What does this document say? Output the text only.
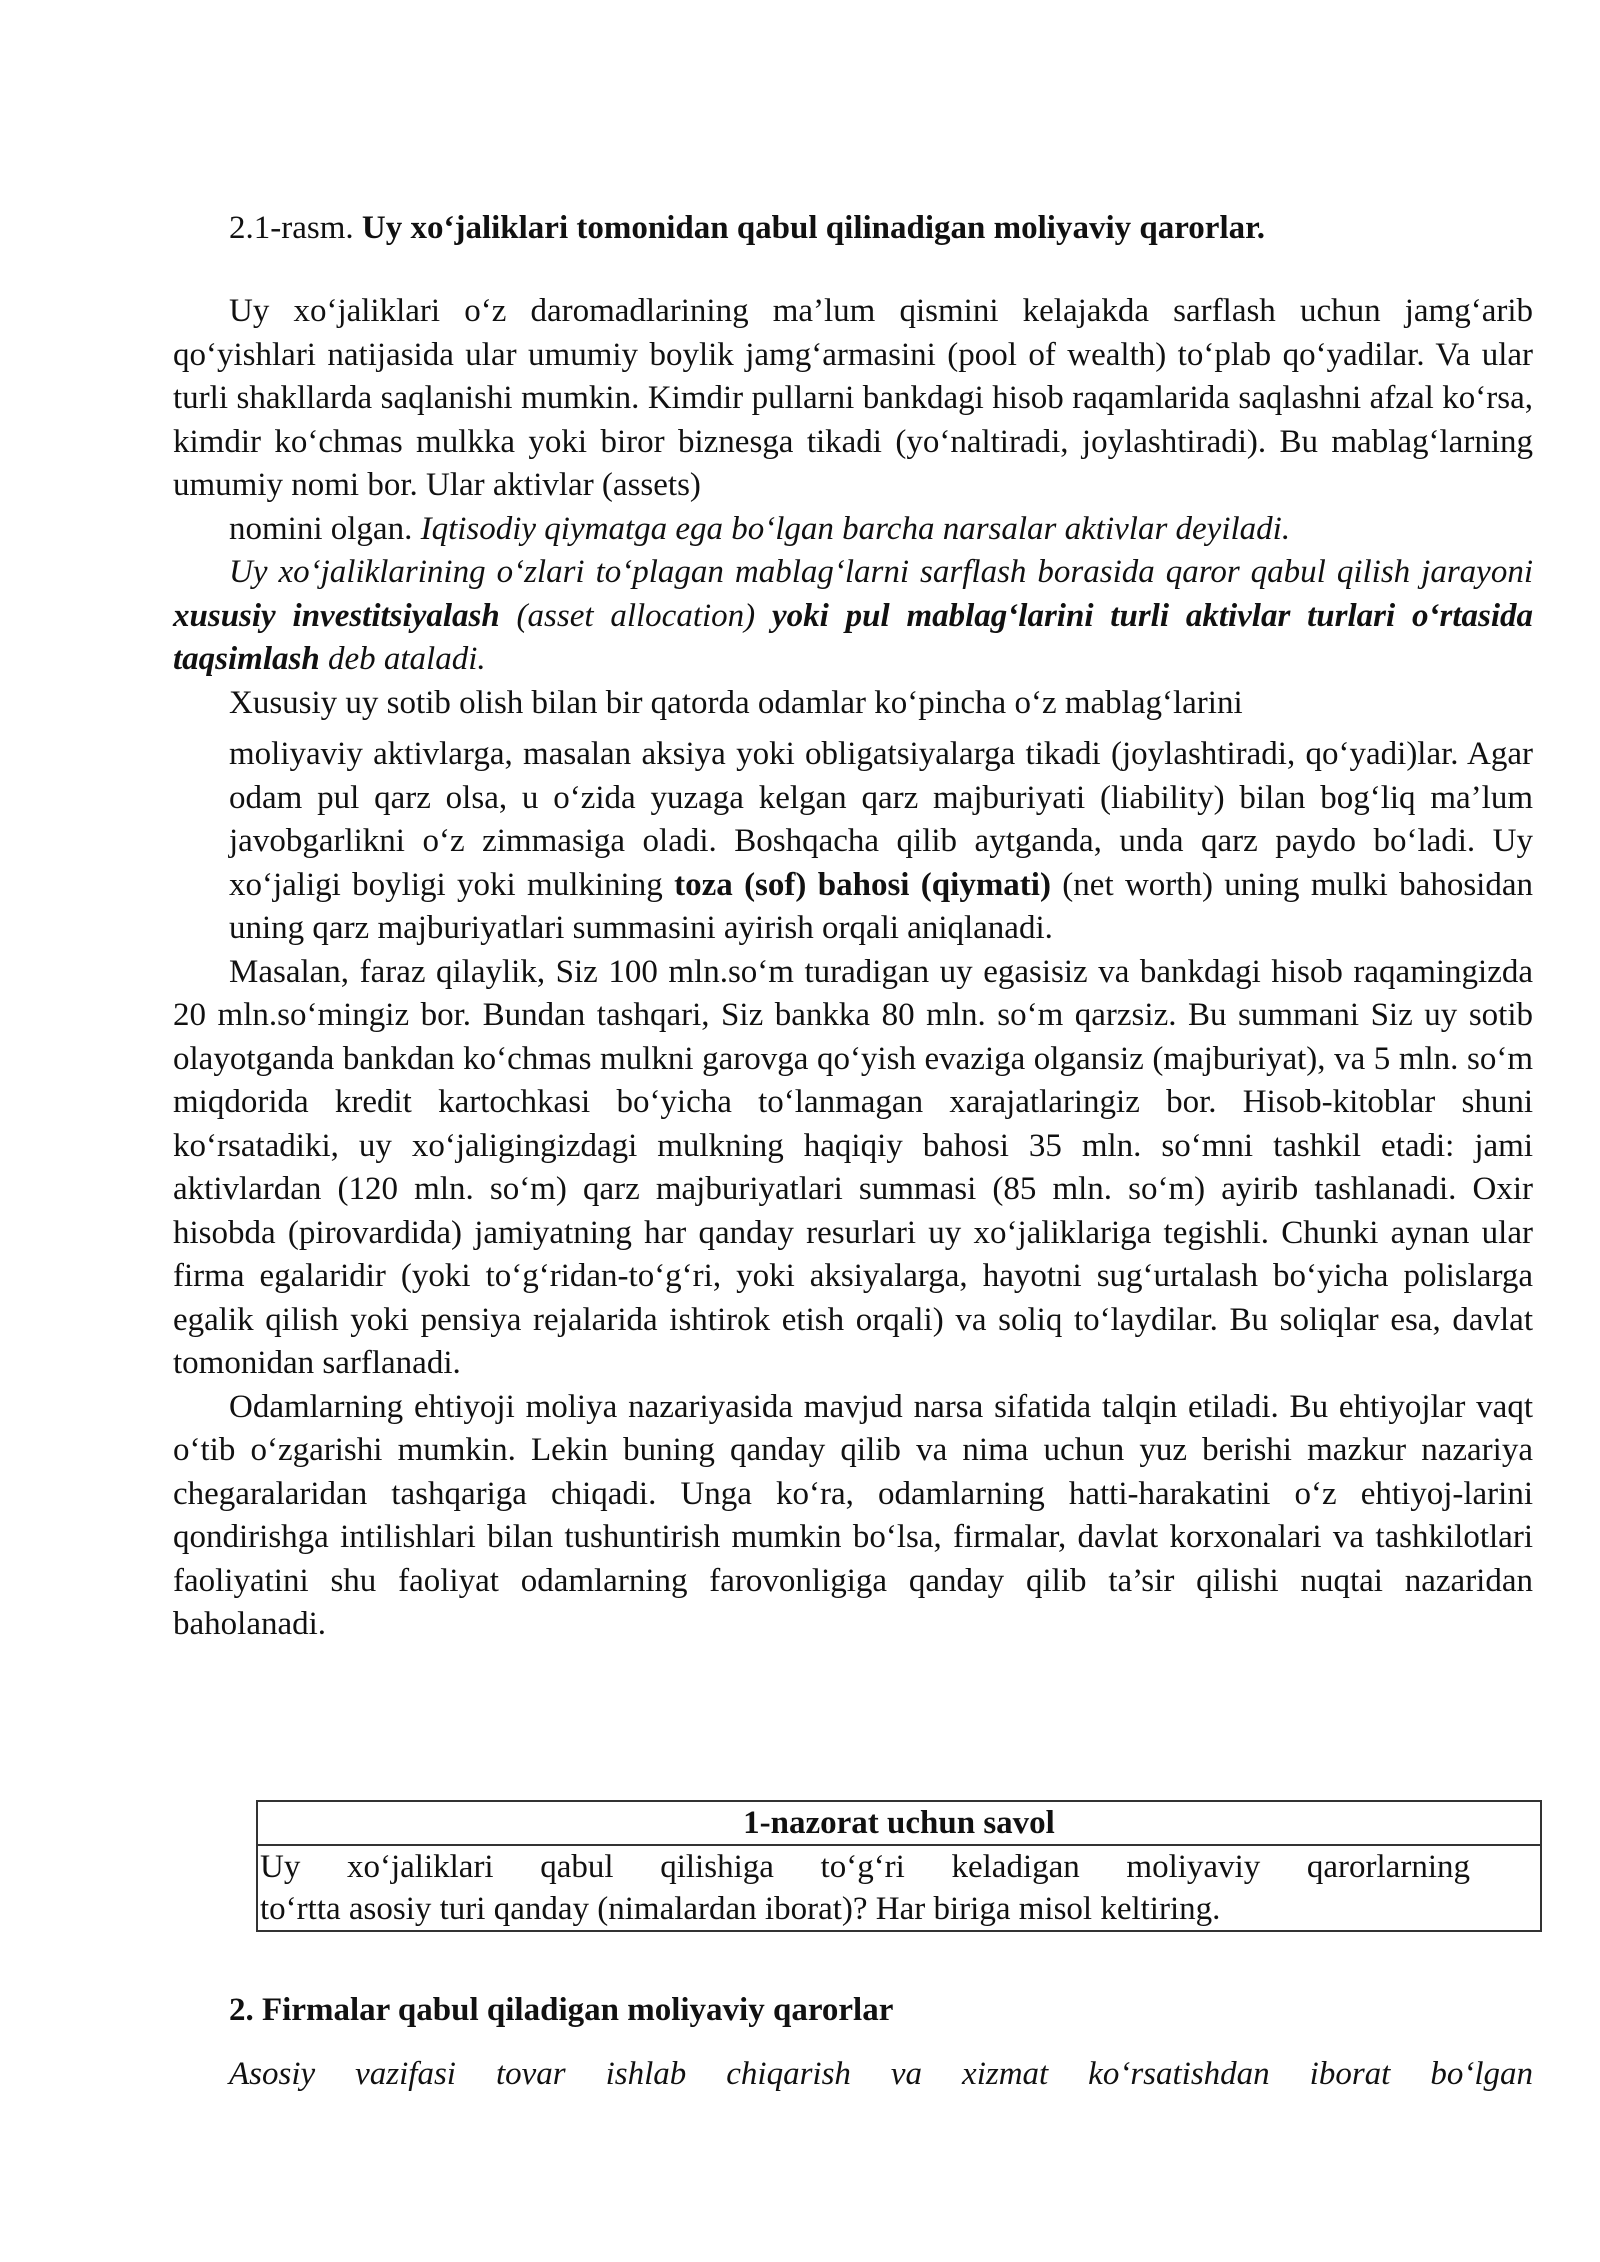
2.1-rasm. Uy xo‘jaliklari tomonidan qabul qilinadigan moliyaviy qarorlar.

Uy xo‘jaliklari o‘z daromadlarining ma’lum qismini kelajakda sarflash uchun jamg‘arib qo‘yishlari natijasida ular umumiy boylik jamg‘armasini (pool of wealth) to‘plab qo‘yadilar. Va ular turli shakllarda saqlanishi mumkin. Kimdir pullarni bankdagi hisob raqamlarida saqlashni afzal ko‘rsa, kimdir ko‘chmas mulkka yoki biror biznesga tikadi (yo‘naltiradi, joylashtiradi). Bu mablag‘larning umumiy nomi bor. Ular aktivlar (assets)

nomini olgan. Iqtisodiy qiymatga ega bo‘lgan barcha narsalar aktivlar deyiladi.

Uy xo‘jaliklarining o‘zlari to‘plagan mablag‘larni sarflash borasida qaror qabul qilish jarayoni xususiy investitsiyalash (asset allocation) yoki pul mablag‘larini turli aktivlar turlari o‘rtasida taqsimlash deb ataladi.

Xususiy uy sotib olish bilan bir qatorda odamlar ko‘pincha o‘z mablag‘larini

moliyaviy aktivlarga, masalan aksiya yoki obligatsiyalarga tikadi (joylashtiradi, qo‘yadi)lar. Agar odam pul qarz olsa, u o‘zida yuzaga kelgan qarz majburiyati (liability) bilan bog‘liq ma’lum javobgarlikni o‘z zimmasiga oladi. Boshqacha qilib aytganda, unda qarz paydo bo‘ladi. Uy xo‘jaligi boyligi yoki mulkining toza (sof) bahosi (qiymati) (net worth) uning mulki bahosidan uning qarz majburiyatlari summasini ayirish orqali aniqlanadi.

Masalan, faraz qilaylik, Siz 100 mln.so‘m turadigan uy egasisiz va bankdagi hisob raqamingizda 20 mln.so‘mingiz bor. Bundan tashqari, Siz bankka 80 mln. so‘m qarzsiz. Bu summani Siz uy sotib olayotganda bankdan ko‘chmas mulkni garovga qo‘yish evaziga olgansiz (majburiyat), va 5 mln. so‘m miqdorida kredit kartochkasi bo‘yicha to‘lanmagan xarajatlaringiz bor. Hisob-kitoblar shuni ko‘rsatadiki, uy xo‘jaligingizdagi mulkning haqiqiy bahosi 35 mln. so‘mni tashkil etadi: jami aktivlardan (120 mln. so‘m) qarz majburiyatlari summasi (85 mln. so‘m) ayirib tashlanadi. Oxir hisobda (pirovardida) jamiyatning har qanday resurlari uy xo‘jaliklariga tegishli. Chunki aynan ular firma egalaridir (yoki to‘g‘ridan-to‘g‘ri, yoki aksiyalarga, hayotni sug‘urtalash bo‘yicha polislarga egalik qilish yoki pensiya rejalarida ishtirok etish orqali) va soliq to‘laydilar. Bu soliqlar esa, davlat tomonidan sarflanadi.

Odamlarning ehtiyoji moliya nazariyasida mavjud narsa sifatida talqin etiladi. Bu ehtiyojlar vaqt o‘tib o‘zgarishi mumkin. Lekin buning qanday qilib va nima uchun yuz berishi mazkur nazariya chegaralaridan tashqariga chiqadi. Unga ko‘ra, odamlarning hatti-harakatini o‘z ehtiyoj-larini qondirishga intilishlari bilan tushuntirish mumkin bo‘lsa, firmalar, davlat korxonalari va tashkilotlari faoliyatini shu faoliyat odamlarning farovonligiga qanday qilib ta’sir qilishi nuqtai nazaridan baholanadi.

1-nazorat uchun savol
Uy xo‘jaliklari qabul qilishiga to‘g‘ri keladigan moliyaviy qarorlarning
to‘rtta asosiy turi qanday (nimalardan iborat)? Har biriga misol keltiring.
2. Firmalar qabul qiladigan moliyaviy qarorlar
Asosiy vazifasi tovar ishlab chiqarish va xizmat ko‘rsatishdan iborat bo‘lgan
